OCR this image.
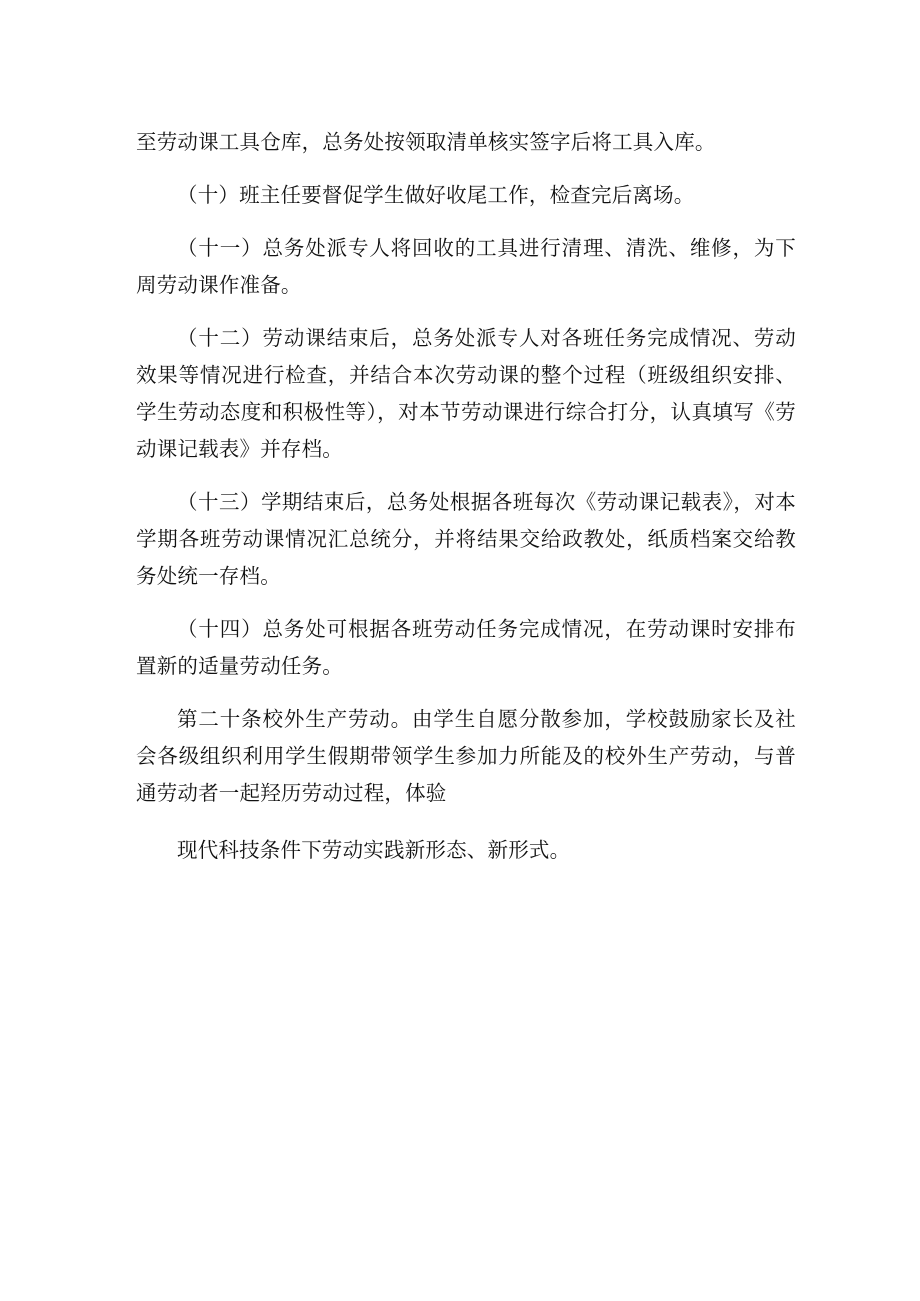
至劳动课工具仓库，总务处按领取清单核实签字后将工具入库。

（十）班主任要督促学生做好收尾工作，检查完后离场。

（十一）总务处派专人将回收的工具进行清理、清洗、维修，为下周劳动课作准备。

（十二）劳动课结束后，总务处派专人对各班任务完成情况、劳动效果等情况进行检查，并结合本次劳动课的整个过程（班级组织安排、学生劳动态度和积极性等），对本节劳动课进行综合打分，认真填写《劳动课记载表》并存档。

（十三）学期结束后，总务处根据各班每次《劳动课记载表》，对本学期各班劳动课情况汇总统分，并将结果交给政教处，纸质档案交给教务处统一存档。

（十四）总务处可根据各班劳动任务完成情况，在劳动课时安排布置新的适量劳动任务。

第二十条校外生产劳动。由学生自愿分散参加，学校鼓励家长及社会各级组织利用学生假期带领学生参加力所能及的校外生产劳动，与普通劳动者一起羟历劳动过程，体验

现代科技条件下劳动实践新形态、新形式。
